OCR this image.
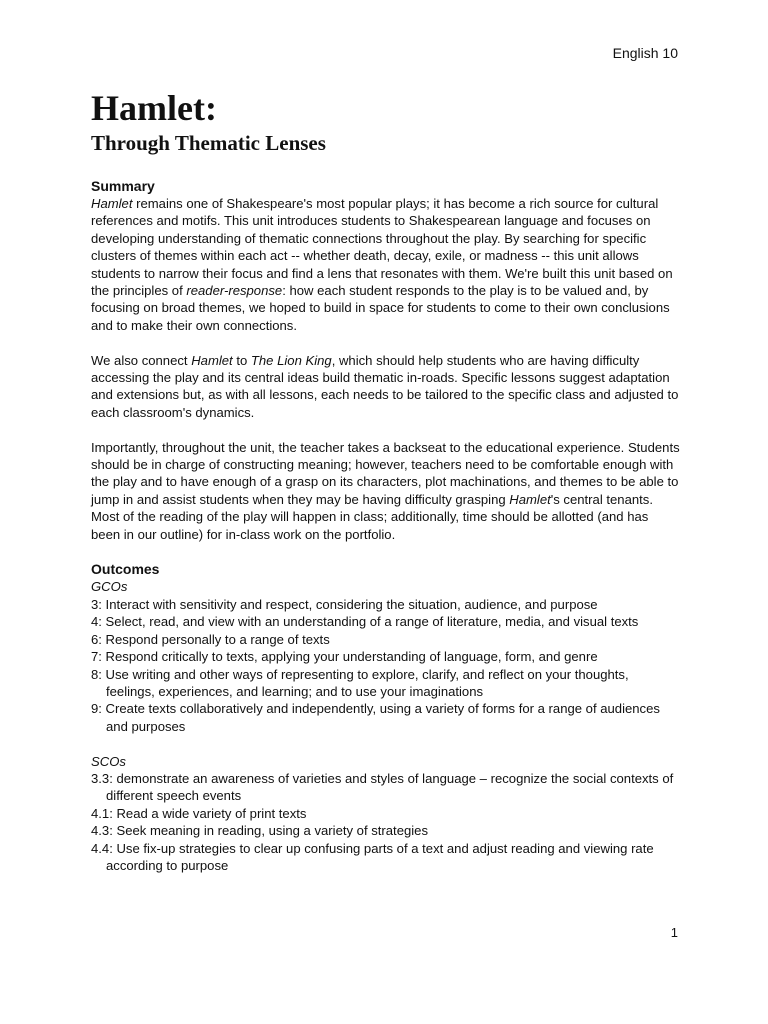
English 10
Hamlet:
Through Thematic Lenses
Summary

Hamlet remains one of Shakespeare's most popular plays; it has become a rich source for cultural references and motifs. This unit introduces students to Shakespearean language and focuses on developing understanding of thematic connections throughout the play. By searching for specific clusters of themes within each act -- whether death, decay, exile, or madness -- this unit allows students to narrow their focus and find a lens that resonates with them. We're built this unit based on the principles of reader-response: how each student responds to the play is to be valued and, by focusing on broad themes, we hoped to build in space for students to come to their own conclusions and to make their own connections.

We also connect Hamlet to The Lion King, which should help students who are having difficulty accessing the play and its central ideas build thematic in-roads. Specific lessons suggest adaptation and extensions but, as with all lessons, each needs to be tailored to the specific class and adjusted to each classroom's dynamics.

Importantly, throughout the unit, the teacher takes a backseat to the educational experience. Students should be in charge of constructing meaning; however, teachers need to be comfortable enough with the play and to have enough of a grasp on its characters, plot machinations, and themes to be able to jump in and assist students when they may be having difficulty grasping Hamlet's central tenants. Most of the reading of the play will happen in class; additionally, time should be allotted (and has been in our outline) for in-class work on the portfolio.

Outcomes
GCOs
3: Interact with sensitivity and respect, considering the situation, audience, and purpose
4: Select, read, and view with an understanding of a range of literature, media, and visual texts
6: Respond personally to a range of texts
7: Respond critically to texts, applying your understanding of language, form, and genre
8: Use writing and other ways of representing to explore, clarify, and reflect on your thoughts, feelings, experiences, and learning; and to use your imaginations
9: Create texts collaboratively and independently, using a variety of forms for a range of audiences and purposes
SCOs
3.3: demonstrate an awareness of varieties and styles of language – recognize the social contexts of different speech events
4.1: Read a wide variety of print texts
4.3: Seek meaning in reading, using a variety of strategies
4.4: Use fix-up strategies to clear up confusing parts of a text and adjust reading and viewing rate according to purpose
1
